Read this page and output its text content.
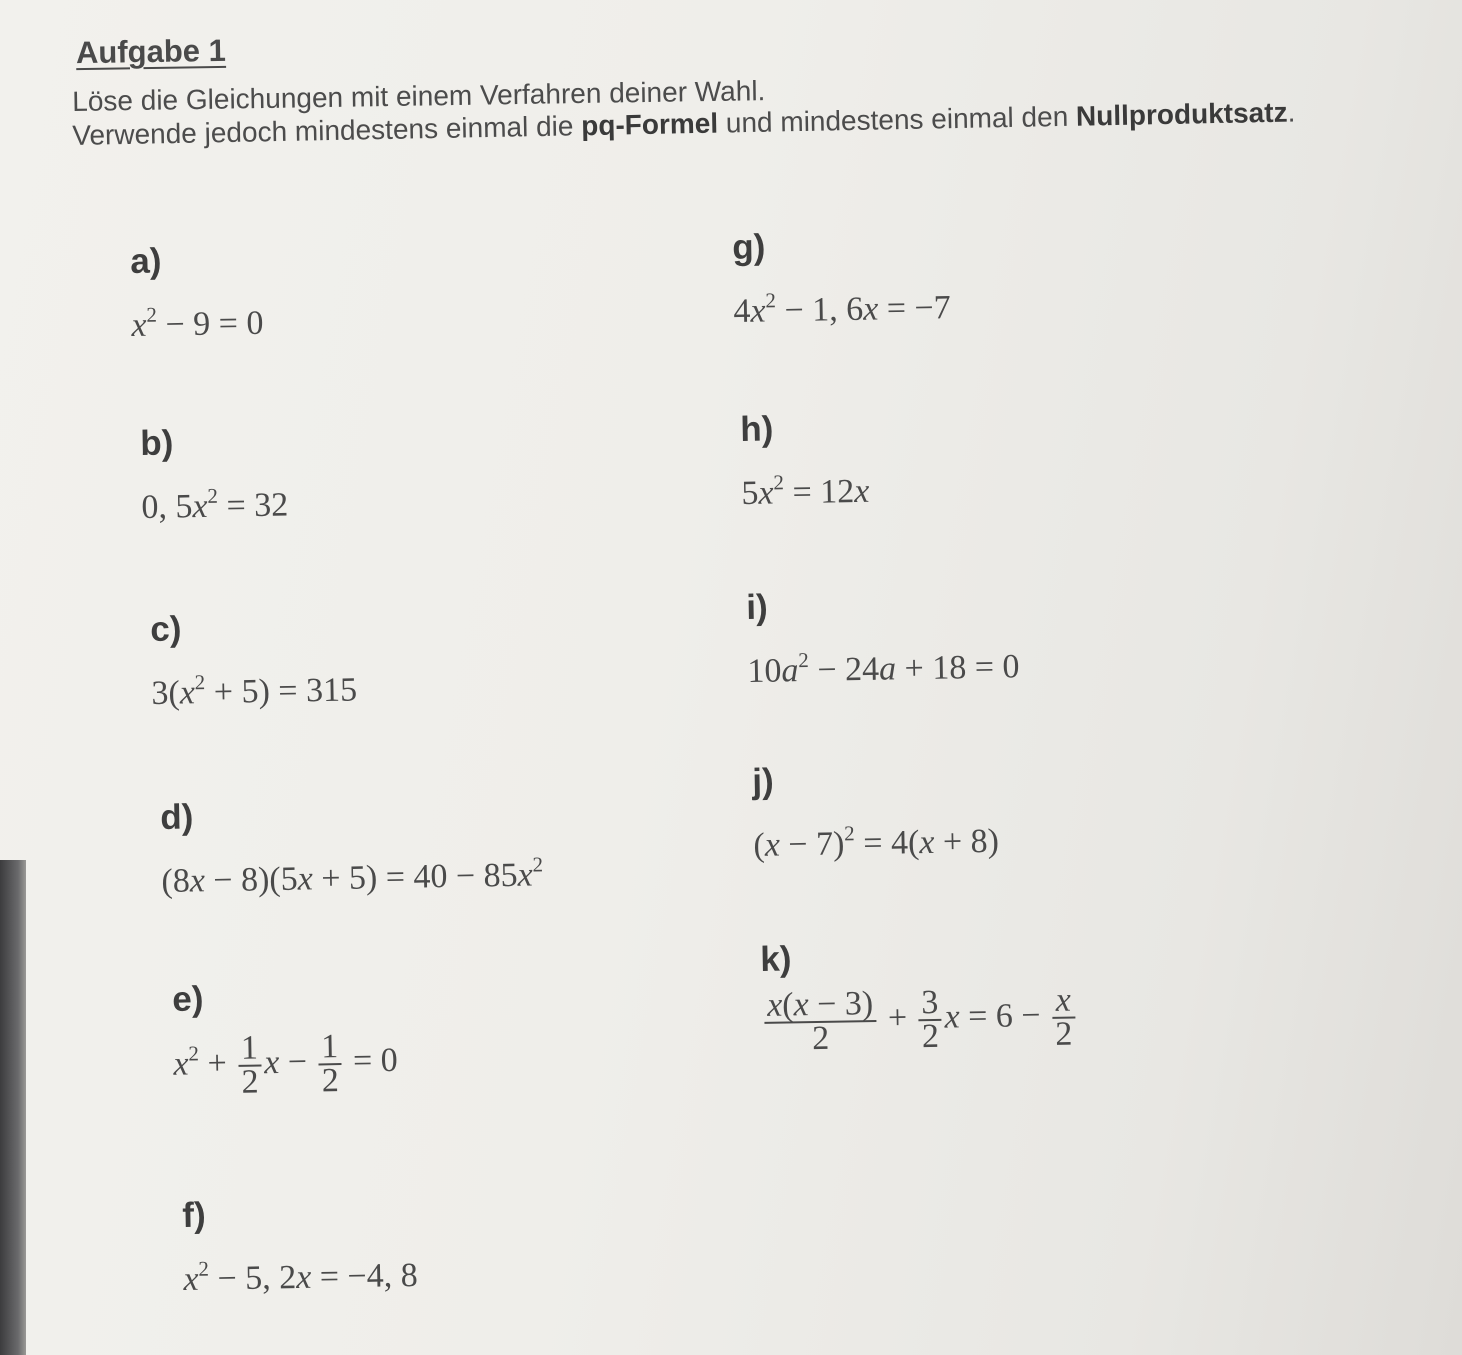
Aufgabe 1
Löse die Gleichungen mit einem Verfahren deiner Wahl.
Verwende jedoch mindestens einmal die pq-Formel und mindestens einmal den Nullproduktsatz.
a)
$x^2 - 9 = 0$
b)
0, $5x^2 = 32$
c)
$3(x^2 + 5) = 315$
d)
$(8x - 8)(5x + 5) = 40 - 85x^2$
e)
$x^2 + \frac{1}{2}$ $x - \frac{1}{2} = 0$
f)
$x^2 - 5$, 2x = −4, 8
g)
$4x^2 - 1$, 6x = −7
h)
$5x^2 = 12x$
i)
$10a^2 - 24a + 18 = 0$
j)
$(x - 7)^2 = 4(x + 8)$
k)
$\frac{x(x - 3)}{2} + \frac{3}{2}$ $x = 6 - \frac{x}{2}$
